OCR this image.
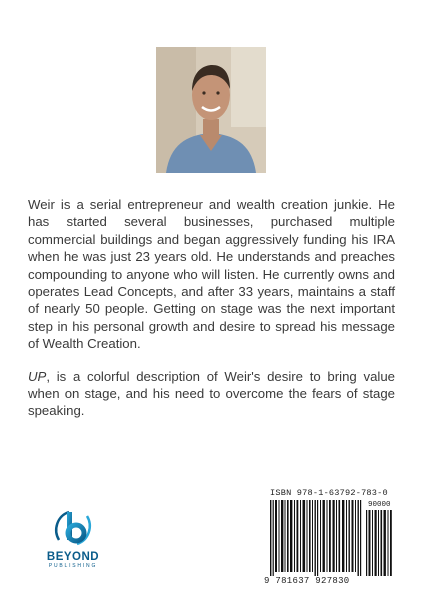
Weir is a serial entrepreneur and wealth creation junkie. He has started several businesses, purchased multiple commercial buildings and began aggressively funding his IRA when he was just 23 years old. He understands and preaches compounding to anyone who will listen. He currently owns and operates Lead Concepts, and after 33 years, maintains a staff of nearly 50 people. Getting on stage was the next important step in his personal growth and desire to spread his message of Wealth Creation.

UP, is a colorful description of Weir's desire to bring value when on stage, and his need to overcome the fears of stage speaking.

BEYOND
PUBLISHING
ISBN 978-1-63792-783-0
90000
9 781637 927830
